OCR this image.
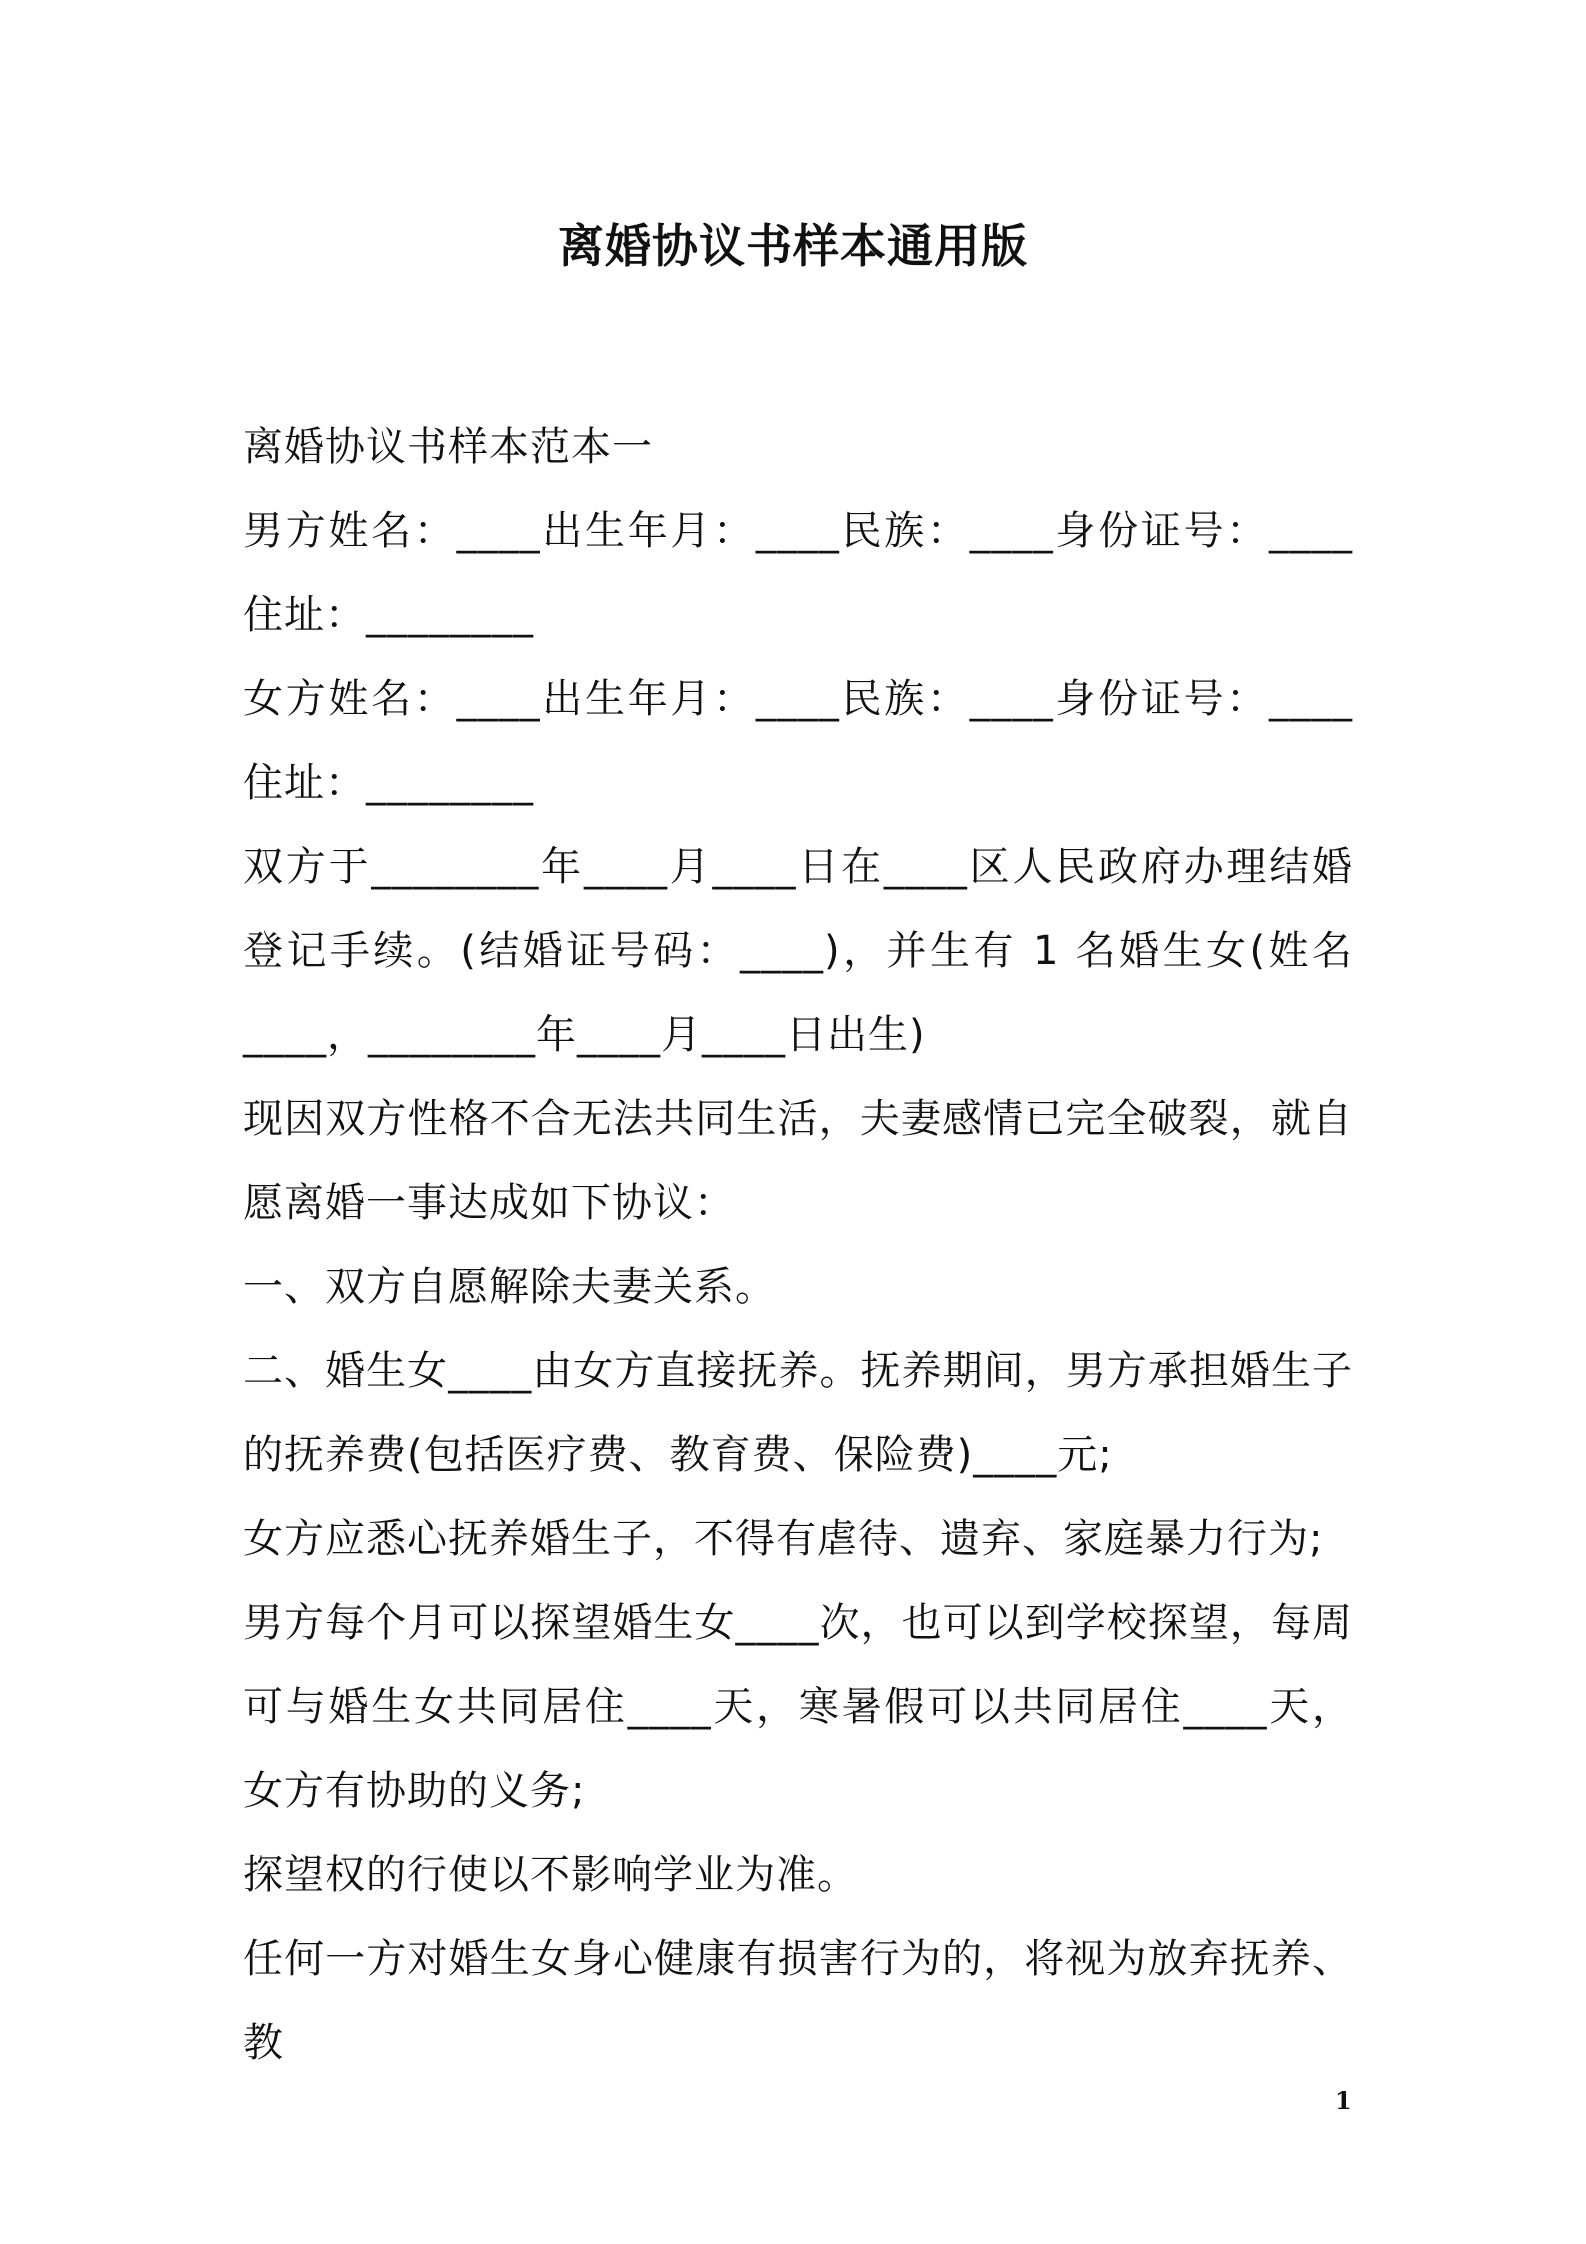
离婚协议书样本通用版

离婚协议书样本范本一

男方姓名：____出生年月：____民族：____身份证号：____住址：________

女方姓名：____出生年月：____民族：____身份证号：____住址：________

双方于________年____月____日在____区人民政府办理结婚登记手续。(结婚证号码：____)，并生有 1 名婚生女(姓名____，________年____月____日出生)

现因双方性格不合无法共同生活，夫妻感情已完全破裂，就自愿离婚一事达成如下协议：

一、双方自愿解除夫妻关系。

二、婚生女____由女方直接抚养。抚养期间，男方承担婚生子的抚养费(包括医疗费、教育费、保险费)____元;

女方应悉心抚养婚生子，不得有虐待、遗弃、家庭暴力行为;

男方每个月可以探望婚生女____次，也可以到学校探望，每周可与婚生女共同居住____天，寒暑假可以共同居住____天，女方有协助的义务;

探望权的行使以不影响学业为准。

任何一方对婚生女身心健康有损害行为的，将视为放弃抚养、教

1
